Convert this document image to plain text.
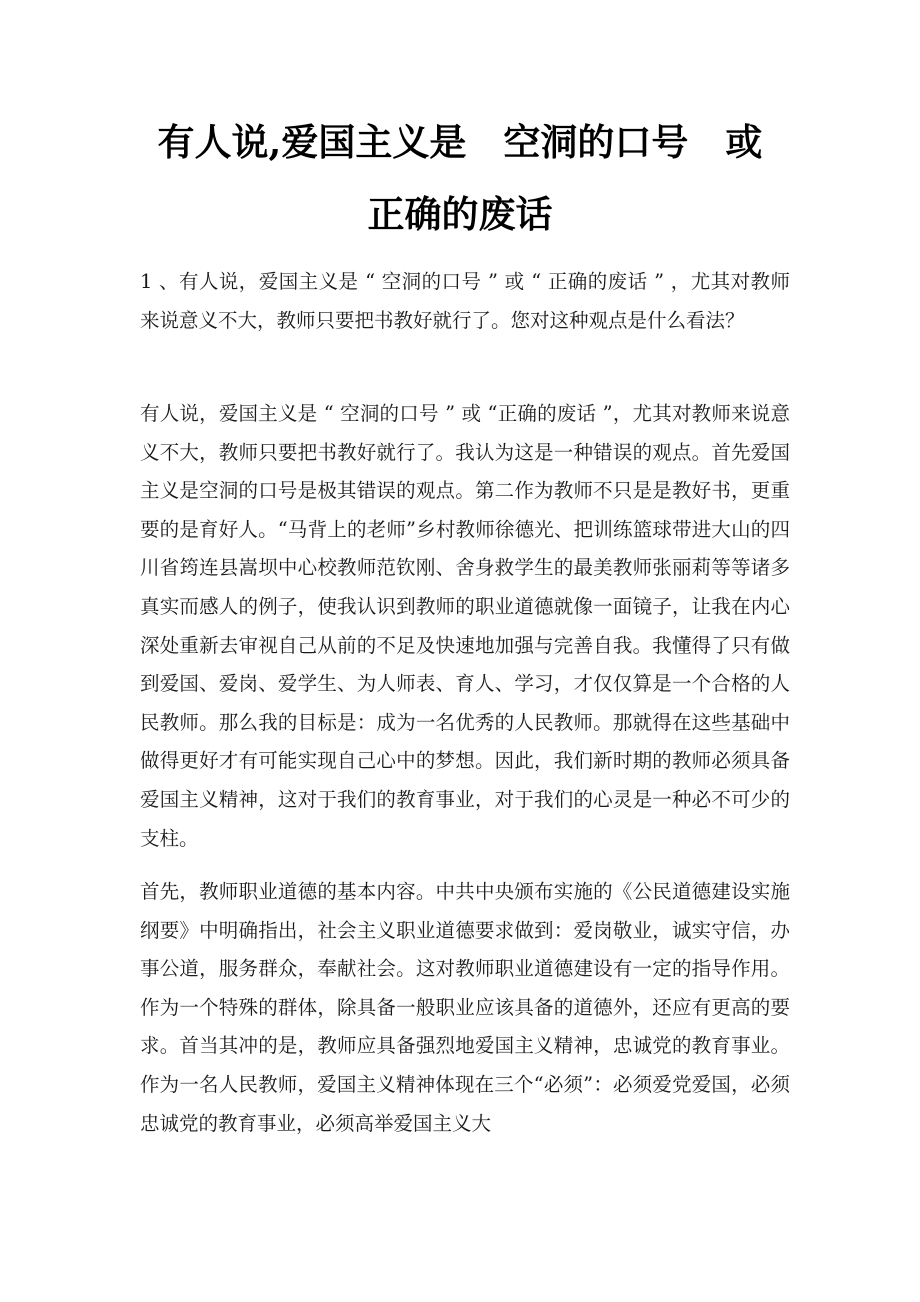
有人说,爱国主义是　空洞的口号　或
正确的废话

1 、有人说，爱国主义是 “ 空洞的口号 ” 或 “ 正确的废话 ” ，尤其对教师来说意义不大，教师只要把书教好就行了。您对这种观点是什么看法？

有人说，爱国主义是 “ 空洞的口号 ” 或 “正确的废话 ”，尤其对教师来说意义不大，教师只要把书教好就行了。我认为这是一种错误的观点。首先爱国主义是空洞的口号是极其错误的观点。第二作为教师不只是是教好书，更重要的是育好人。“马背上的老师”乡村教师徐德光、把训练篮球带进大山的四川省筠连县嵩坝中心校教师范钦刚、舍身救学生的最美教师张丽莉等等诸多真实而感人的例子，使我认识到教师的职业道德就像一面镜子，让我在内心深处重新去审视自己从前的不足及快速地加强与完善自我。我懂得了只有做到爱国、爱岗、爱学生、为人师表、育人、学习，才仅仅算是一个合格的人民教师。那么我的目标是：成为一名优秀的人民教师。那就得在这些基础中做得更好才有可能实现自己心中的梦想。因此，我们新时期的教师必须具备爱国主义精神，这对于我们的教育事业，对于我们的心灵是一种必不可少的支柱。

首先，教师职业道德的基本内容。中共中央颁布实施的《公民道德建设实施纲要》中明确指出，社会主义职业道德要求做到：爱岗敬业，诚实守信，办事公道，服务群众，奉献社会。这对教师职业道德建设有一定的指导作用。作为一个特殊的群体，除具备一般职业应该具备的道德外，还应有更高的要求。首当其冲的是，教师应具备强烈地爱国主义精神，忠诚党的教育事业。作为一名人民教师，爱国主义精神体现在三个“必须”：必须爱党爱国，必须忠诚党的教育事业，必须高举爱国主义大
